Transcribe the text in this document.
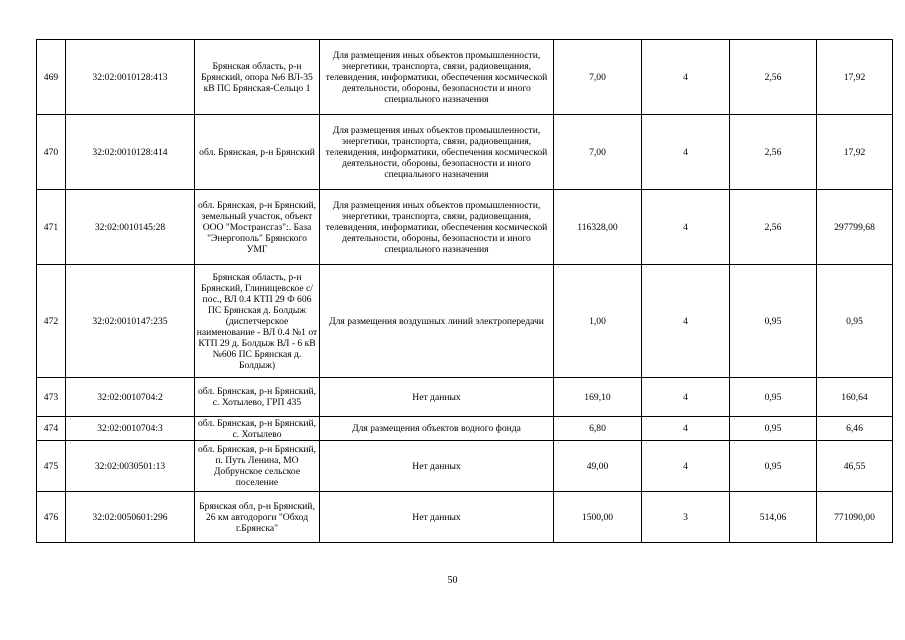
469	32:02:0010128:413	Брянская область, р-н Брянский, опора №6 ВЛ-35 кВ ПС Брянская-Сельцо 1	Для размещения иных объектов промышленности, энергетики, транспорта, связи, радиовещания, телевидения, информатики, обеспечения космической деятельности, обороны, безопасности и иного специального назначения	7,00	4	2,56	17,92
470	32:02:0010128:414	обл. Брянская, р-н Брянский	Для размещения иных объектов промышленности, энергетики, транспорта, связи, радиовещания, телевидения, информатики, обеспечения космической деятельности, обороны, безопасности и иного специального назначения	7,00	4	2,56	17,92
471	32:02:0010145:28	обл. Брянская, р-н Брянский, земельный участок, объект ООО "Мострансгаз":. База "Энергополь" Брянского УМГ	Для размещения иных объектов промышленности, энергетики, транспорта, связи, радиовещания, телевидения, информатики, обеспечения космической деятельности, обороны, безопасности и иного специального назначения	116328,00	4	2,56	297799,68
472	32:02:0010147:235	Брянская область, р-н Брянский, Глинищевское с/пос., ВЛ 0.4 КТП 29 Ф 606 ПС Брянская д. Болдыж (диспетчерское наименование - ВЛ 0.4 №1 от КТП 29 д. Болдыж ВЛ - 6 кВ №606 ПС Брянская д. Болдыж)	Для размещения воздушных линий электропередачи	1,00	4	0,95	0,95
473	32:02:0010704:2	обл. Брянская, р-н Брянский, с. Хотылево, ГРП 435	Нет данных	169,10	4	0,95	160,64
474	32:02:0010704:3	обл. Брянская, р-н Брянский, с. Хотылево	Для размещения объектов водного фонда	6,80	4	0,95	6,46
475	32:02:0030501:13	обл. Брянская, р-н Брянский, п. Путь Ленина, МО Добрунское сельское поселение	Нет данных	49,00	4	0,95	46,55
476	32:02:0050601:296	Брянская обл, р-н Брянский, 26 км автодороги "Обход г.Брянска"	Нет данных	1500,00	3	514,06	771090,00
50
